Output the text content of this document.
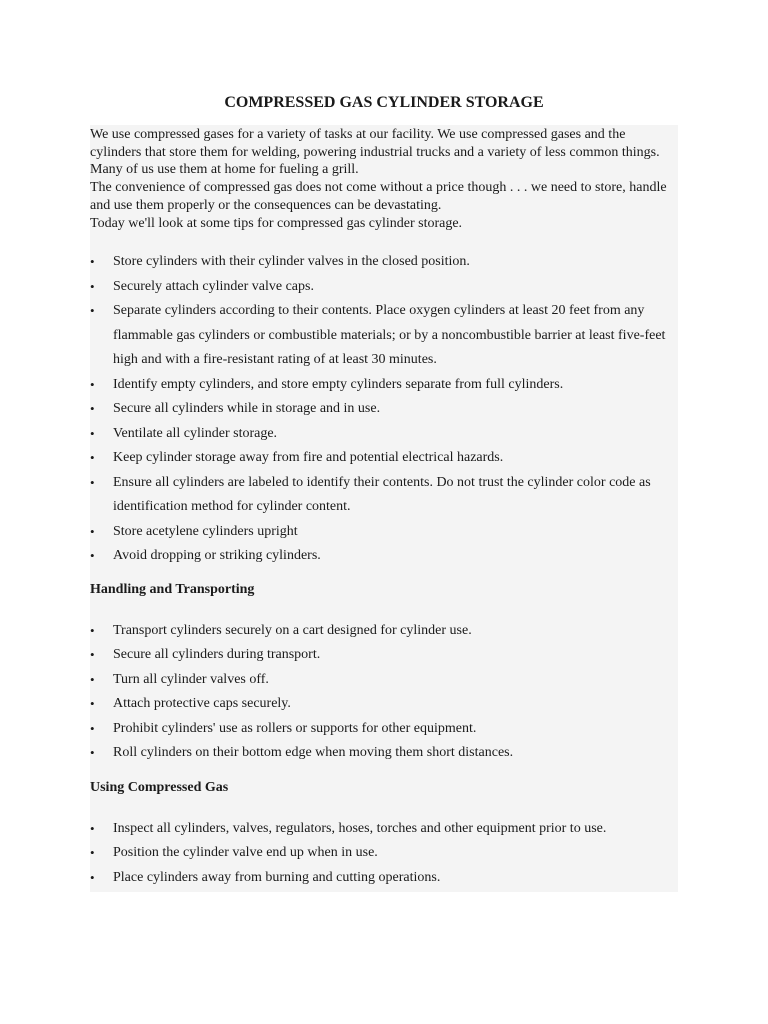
COMPRESSED GAS CYLINDER STORAGE

We use compressed gases for a variety of tasks at our facility. We use compressed gases and the cylinders that store them for welding, powering industrial trucks and a variety of less common things. Many of us use them at home for fueling a grill.

The convenience of compressed gas does not come without a price though . . . we need to store, handle and use them properly or the consequences can be devastating.

Today we'll look at some tips for compressed gas cylinder storage.

• Store cylinders with their cylinder valves in the closed position.
• Securely attach cylinder valve caps.
• Separate cylinders according to their contents. Place oxygen cylinders at least 20 feet from any flammable gas cylinders or combustible materials; or by a noncombustible barrier at least five-feet high and with a fire-resistant rating of at least 30 minutes.
• Identify empty cylinders, and store empty cylinders separate from full cylinders.
• Secure all cylinders while in storage and in use.
• Ventilate all cylinder storage.
• Keep cylinder storage away from fire and potential electrical hazards.
• Ensure all cylinders are labeled to identify their contents. Do not trust the cylinder color code as identification method for cylinder content.
• Store acetylene cylinders upright
• Avoid dropping or striking cylinders.
Handling and Transporting
• Transport cylinders securely on a cart designed for cylinder use.
• Secure all cylinders during transport.
• Turn all cylinder valves off.
• Attach protective caps securely.
• Prohibit cylinders' use as rollers or supports for other equipment.
• Roll cylinders on their bottom edge when moving them short distances.
Using Compressed Gas
• Inspect all cylinders, valves, regulators, hoses, torches and other equipment prior to use.
• Position the cylinder valve end up when in use.
• Place cylinders away from burning and cutting operations.
